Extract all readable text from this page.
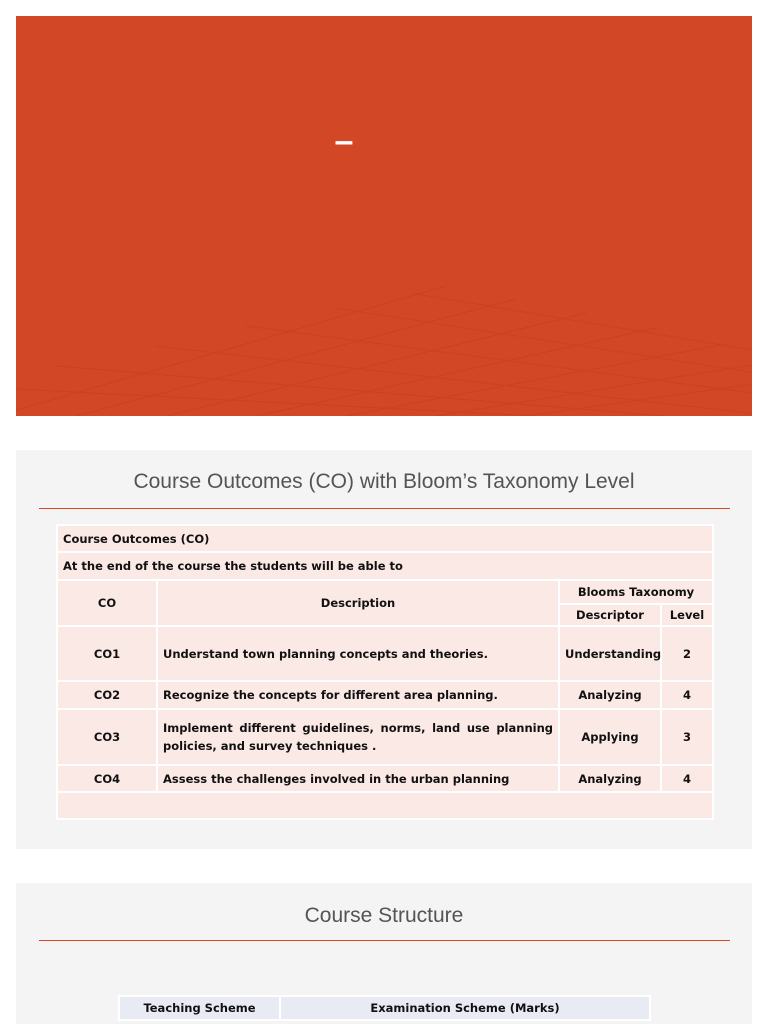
–
Course Outcomes (CO) with Bloom’s Taxonomy Level
Course Outcomes (CO)			
At the end of the course the students will be able to			
CO	Description	Blooms Taxonomy	
		Descriptor	Level
CO1	Understand town planning concepts and theories.	Understanding	2
CO2	Recognize the concepts for different area planning.	Analyzing	4
CO3	Implement different guidelines, norms, land use planning policies, and survey techniques .	Applying	3
CO4	Assess the challenges involved in the urban planning	Analyzing	4

Course Structure
Teaching Scheme	Examination Scheme (Marks)
